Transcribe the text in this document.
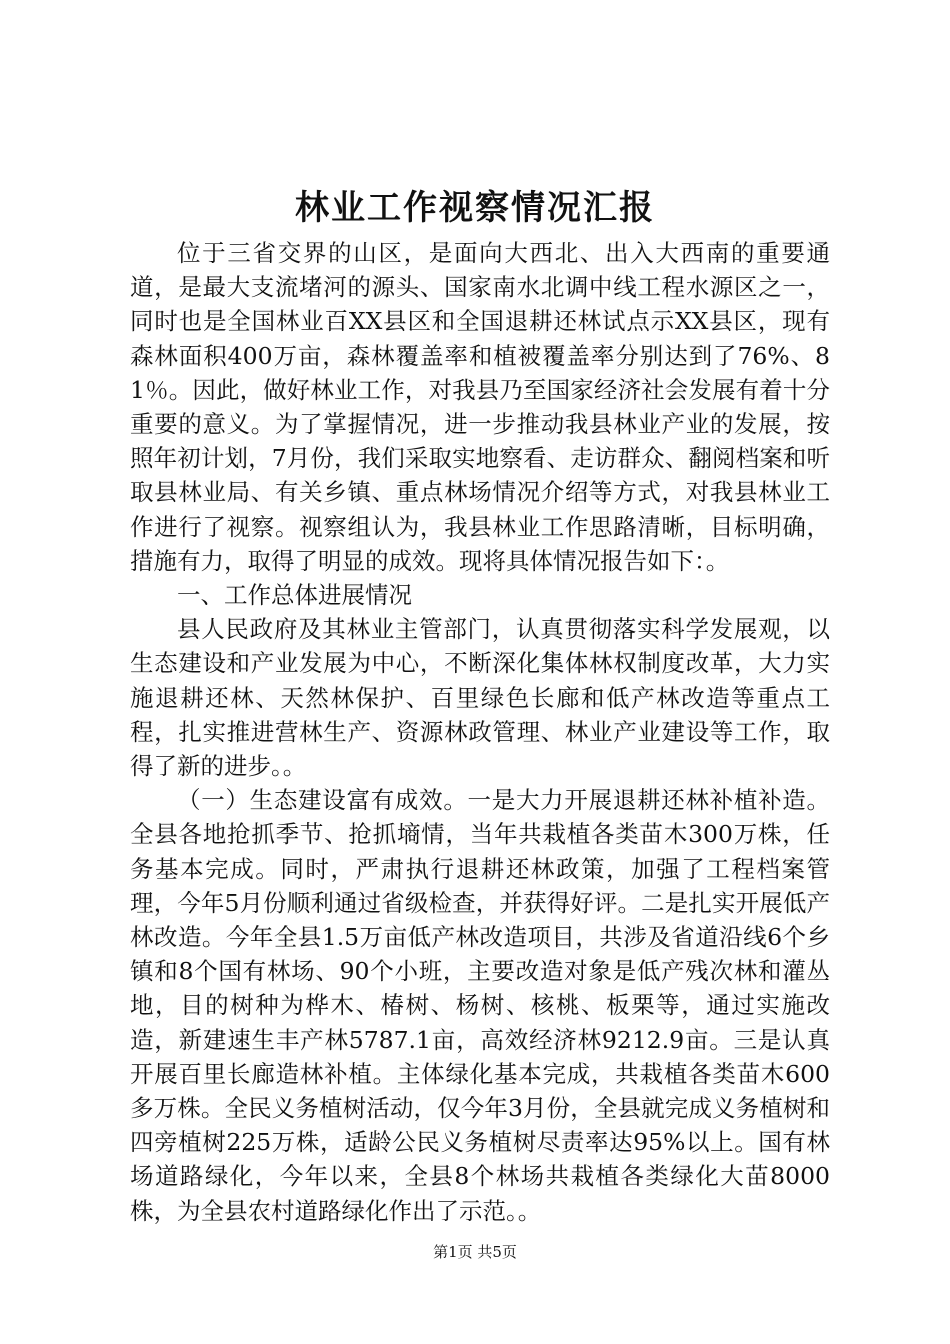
林业工作视察情况汇报

位于三省交界的山区，是面向大西北、出入大西南的重要通道，是最大支流堵河的源头、国家南水北调中线工程水源区之一，同时也是全国林业百XX县区和全国退耕还林试点示XX县区，现有森林面积400万亩，森林覆盖率和植被覆盖率分别达到了76%、81％。因此，做好林业工作，对我县乃至国家经济社会发展有着十分重要的意义。为了掌握情况，进一步推动我县林业产业的发展，按照年初计划，7月份，我们采取实地察看、走访群众、翻阅档案和听取县林业局、有关乡镇、重点林场情况介绍等方式，对我县林业工作进行了视察。视察组认为，我县林业工作思路清晰，目标明确，措施有力，取得了明显的成效。现将具体情况报告如下：。

一、工作总体进展情况

县人民政府及其林业主管部门，认真贯彻落实科学发展观，以生态建设和产业发展为中心，不断深化集体林权制度改革，大力实施退耕还林、天然林保护、百里绿色长廊和低产林改造等重点工程，扎实推进营林生产、资源林政管理、林业产业建设等工作，取得了新的进步。。

（一）生态建设富有成效。一是大力开展退耕还林补植补造。全县各地抢抓季节、抢抓墒情，当年共栽植各类苗木300万株，任务基本完成。同时，严肃执行退耕还林政策，加强了工程档案管理，今年5月份顺利通过省级检查，并获得好评。二是扎实开展低产林改造。今年全县1.5万亩低产林改造项目，共涉及省道沿线6个乡镇和8个国有林场、90个小班，主要改造对象是低产残次林和灌丛地，目的树种为桦木、椿树、杨树、核桃、板栗等，通过实施改造，新建速生丰产林5787.1亩，高效经济林9212.9亩。三是认真开展百里长廊造林补植。主体绿化基本完成，共栽植各类苗木600多万株。全民义务植树活动，仅今年3月份，全县就完成义务植树和四旁植树225万株，适龄公民义务植树尽责率达95%以上。国有林场道路绿化，今年以来，全县8个林场共栽植各类绿化大苗8000株，为全县农村道路绿化作出了示范。。

第1页 共5页
